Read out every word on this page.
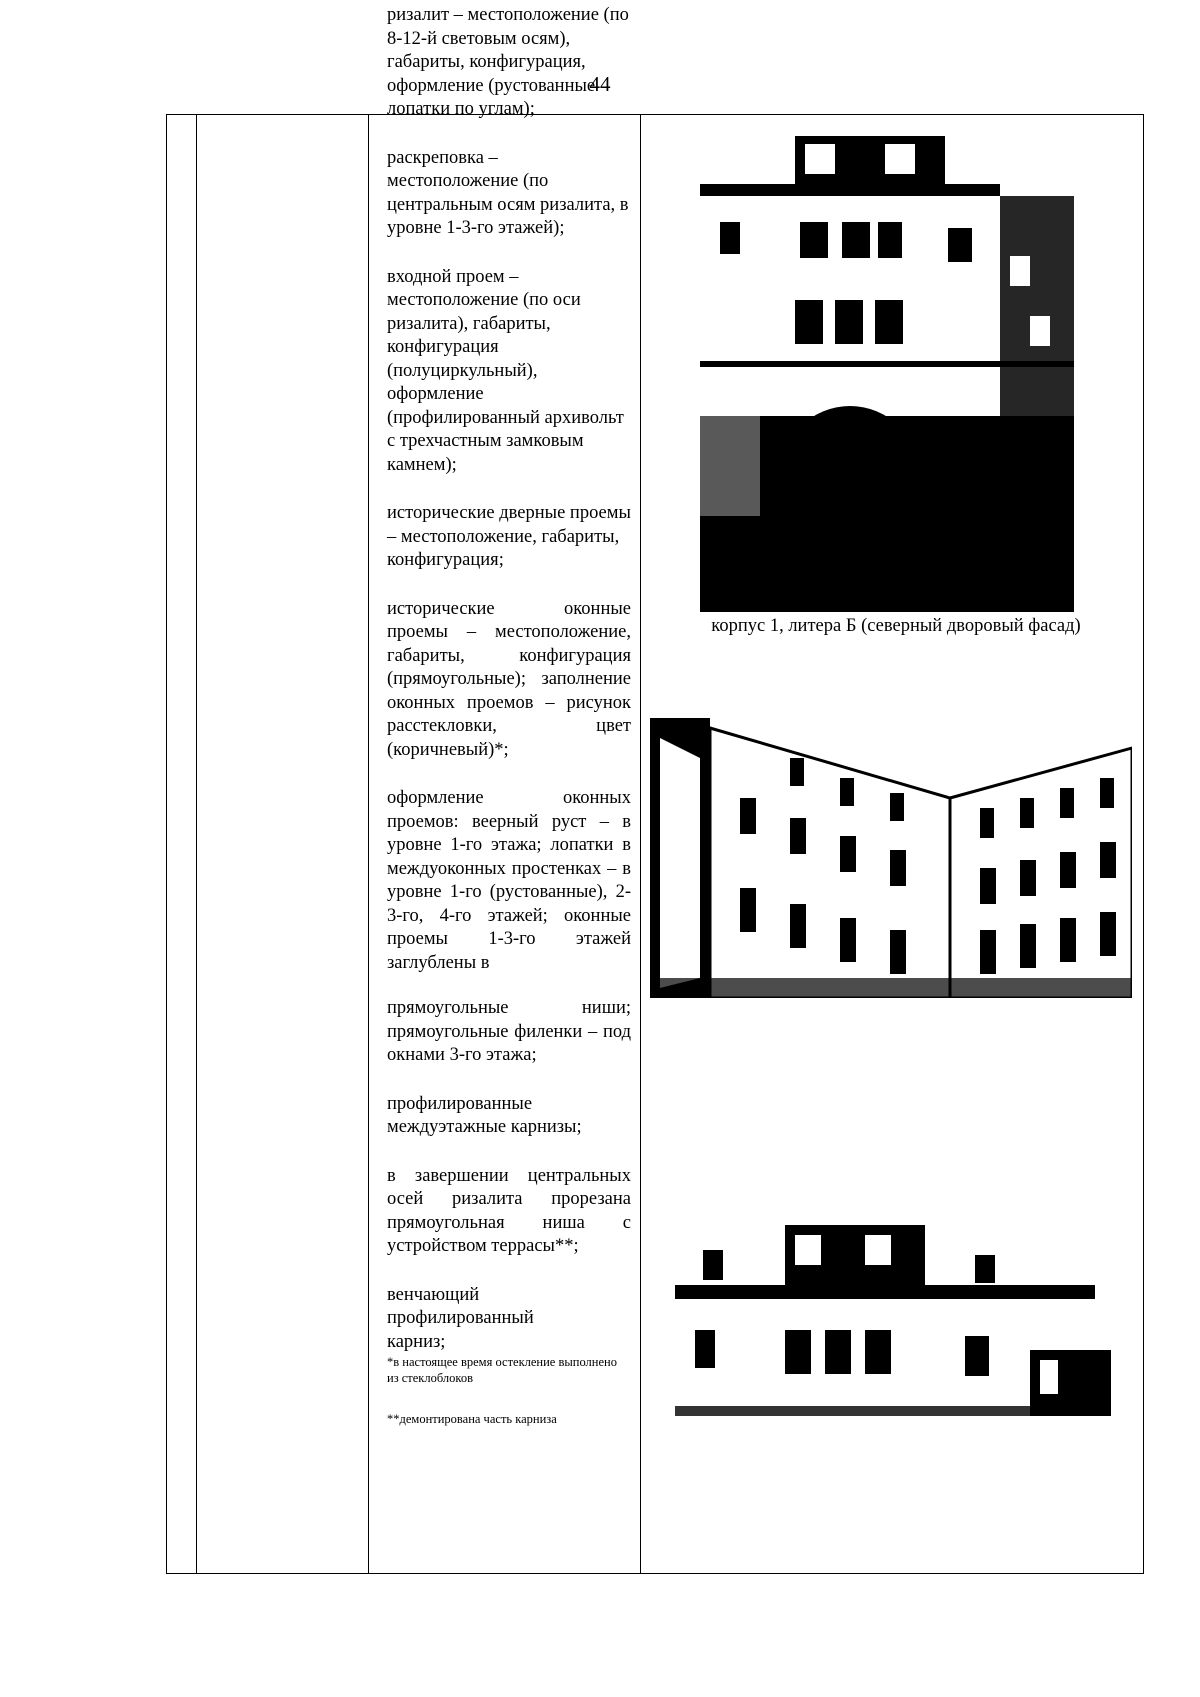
44

ризалит – местоположение (по 8-12-й световым осям), габариты, конфигурация, оформление (рустованные лопатки по углам);

раскреповка – местоположение (по центральным осям ризалита, в уровне 1-3-го этажей);

входной проем – местоположение (по оси ризалита), габариты, конфигурация (полуциркульный), оформление (профилированный архивольт с трехчастным замковым камнем);

исторические дверные проемы – местоположение, габариты, конфигурация;

исторические оконные проемы – местоположение, габариты, конфигурация (прямоугольные); заполнение оконных проемов – рисунок расстекловки, цвет (коричневый)*;

оформление оконных проемов: веерный руст – в уровне 1-го этажа; лопатки в междуоконных простенках – в уровне 1-го (рустованные), 2-3-го, 4-го этажей; оконные проемы 1-3-го этажей заглублены в

прямоугольные ниши; прямоугольные филенки – под окнами 3-го этажа;

профилированные междуэтажные карнизы;

в завершении центральных осей ризалита прорезана прямоугольная ниша с устройством террасы**;

венчающий профилированный карниз;

*в настоящее время остекление выполнено из стеклоблоков

**демонтирована часть карниза

корпус 1, литера Б (северный дворовый фасад)
